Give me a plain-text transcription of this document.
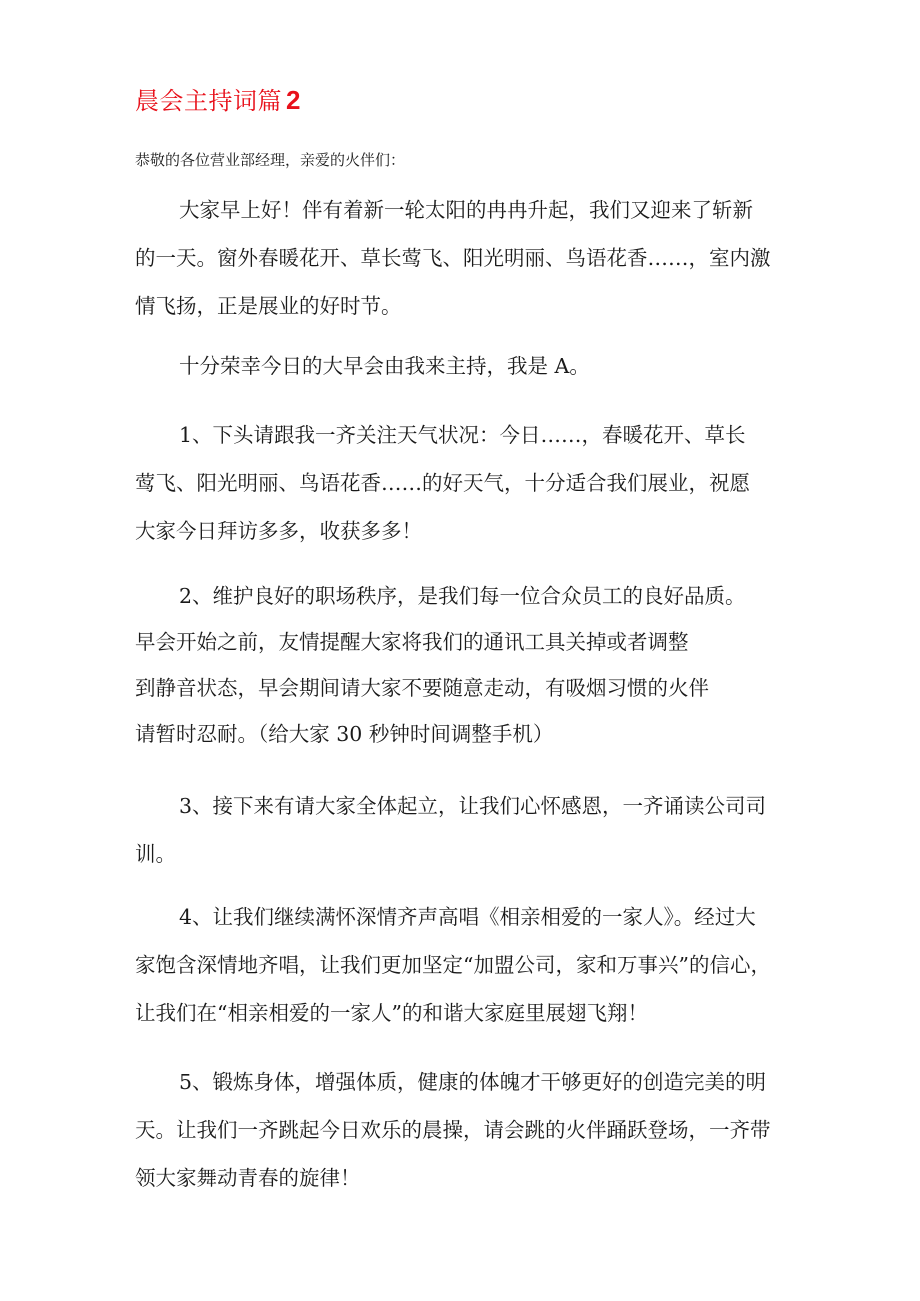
晨会主持词篇 2
恭敬的各位营业部经理，亲爱的火伴们：
大家早上好！伴有着新一轮太阳的冉冉升起，我们又迎来了斩新
的一天。窗外春暖花开、草长莺飞、阳光明丽、鸟语花香……，室内激
情飞扬，正是展业的好时节。
十分荣幸今日的大早会由我来主持，我是 A。
1、下头请跟我一齐关注天气状况：今日……，春暖花开、草长
莺飞、阳光明丽、鸟语花香……的好天气，十分适合我们展业，祝愿
大家今日拜访多多，收获多多！
2、维护良好的职场秩序，是我们每一位合众员工的良好品质。
早会开始之前，友情提醒大家将我们的通讯工具关掉或者调整
到静音状态，早会期间请大家不要随意走动，有吸烟习惯的火伴
请暂时忍耐。（给大家 30 秒钟时间调整手机）
3、接下来有请大家全体起立，让我们心怀感恩，一齐诵读公司司
训。
4、让我们继续满怀深情齐声高唱《相亲相爱的一家人》。经过大
家饱含深情地齐唱，让我们更加坚定“加盟公司，家和万事兴”的信心，
让我们在“相亲相爱的一家人”的和谐大家庭里展翅飞翔！
5、锻炼身体，增强体质，健康的体魄才干够更好的创造完美的明
天。让我们一齐跳起今日欢乐的晨操，请会跳的火伴踊跃登场，一齐带
领大家舞动青春的旋律！
